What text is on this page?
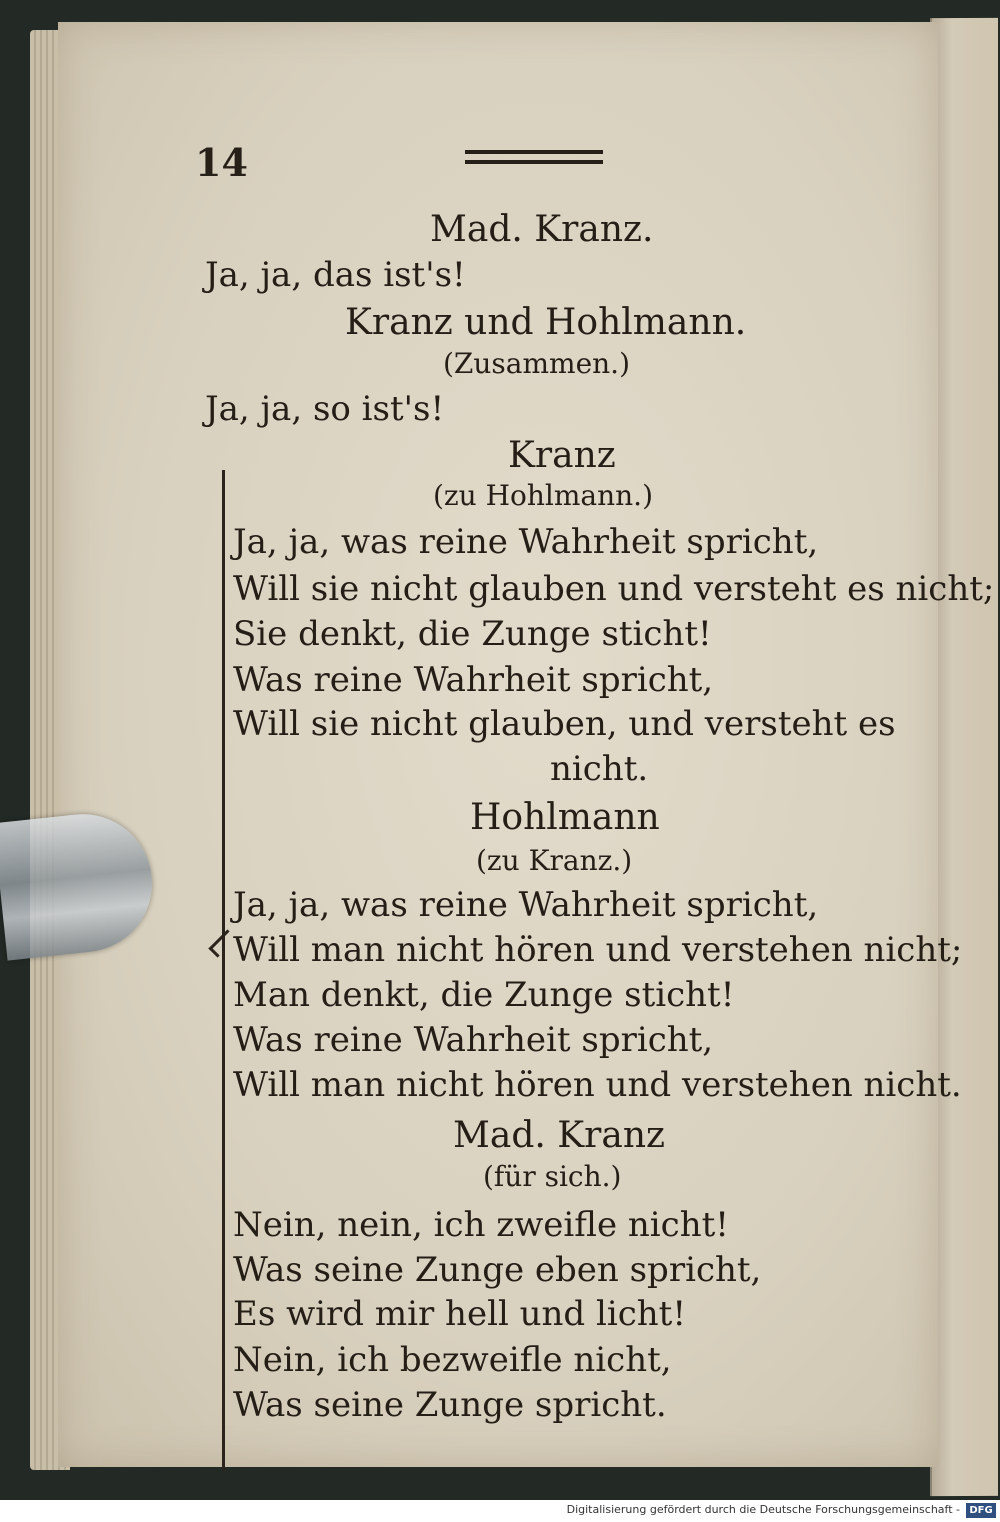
14
Mad. Kranz.
Ja, ja, das ist's!
Kranz und Hohlmann.
(Zusammen.)
Ja, ja, so ist's!
Kranz
(zu Hohlmann.)
Ja, ja, was reine Wahrheit spricht,
Will sie nicht glauben und versteht es nicht;
Sie denkt, die Zunge sticht!
Was reine Wahrheit spricht,
Will sie nicht glauben, und versteht es
nicht.
Hohlmann
(zu Kranz.)
Ja, ja, was reine Wahrheit spricht,
Will man nicht hören und verstehen nicht;
Man denkt, die Zunge sticht!
Was reine Wahrheit spricht,
Will man nicht hören und verstehen nicht.
Mad. Kranz
(für sich.)
Nein, nein, ich zweifle nicht!
Was seine Zunge eben spricht,
Es wird mir hell und licht!
Nein, ich bezweifle nicht,
Was seine Zunge spricht.
Digitalisierung gefördert durch die Deutsche Forschungsgemeinschaft - DFG
